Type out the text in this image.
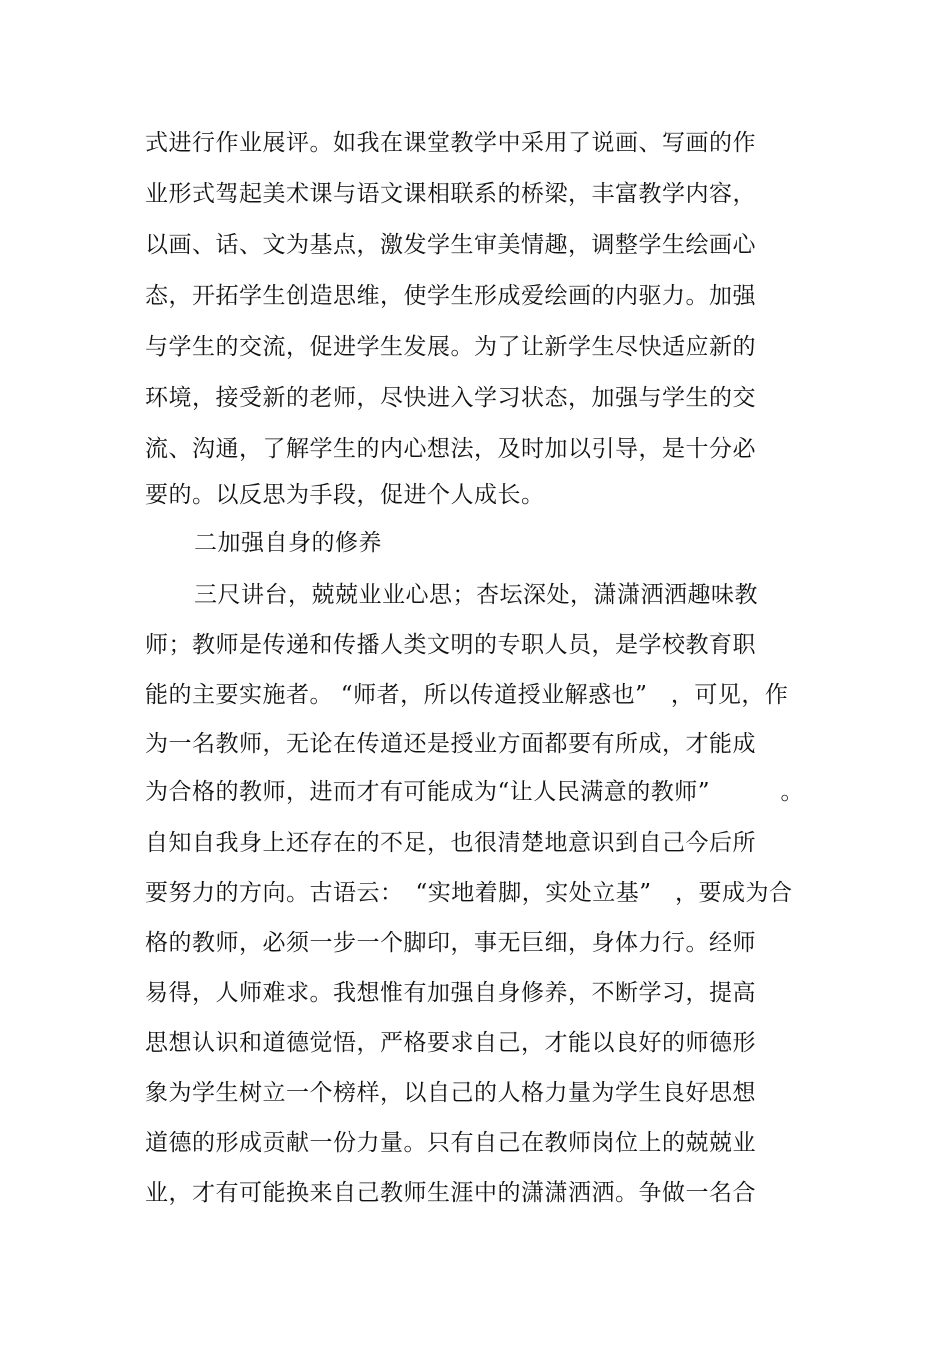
式进行作业展评。如我在课堂教学中采用了说画、写画的作
业形式驾起美术课与语文课相联系的桥梁，丰富教学内容，
以画、话、文为基点，激发学生审美情趣，调整学生绘画心
态，开拓学生创造思维，使学生形成爱绘画的内驱力。加强
与学生的交流，促进学生发展。为了让新学生尽快适应新的
环境，接受新的老师，尽快进入学习状态，加强与学生的交
流、沟通，了解学生的内心想法，及时加以引导，是十分必
要的。以反思为手段，促进个人成长。
二加强自身的修养
三尺讲台，兢兢业业心思；杏坛深处，潇潇洒洒趣味教
师；教师是传递和传播人类文明的专职人员，是学校教育职
能的主要实施者。 “师者，所以传道授业解惑也”　，可见，作
为一名教师，无论在传道还是授业方面都要有所成，才能成
为合格的教师，进而才有可能成为“让人民满意的教师”　　　。
自知自我身上还存在的不足，也很清楚地意识到自己今后所
要努力的方向。古语云：　“实地着脚，实处立基”　，要成为合
格的教师，必须一步一个脚印，事无巨细，身体力行。经师
易得，人师难求。我想惟有加强自身修养，不断学习，提高
思想认识和道德觉悟，严格要求自己，才能以良好的师德形
象为学生树立一个榜样，以自己的人格力量为学生良好思想
道德的形成贡献一份力量。只有自己在教师岗位上的兢兢业
业，才有可能换来自己教师生涯中的潇潇洒洒。争做一名合
